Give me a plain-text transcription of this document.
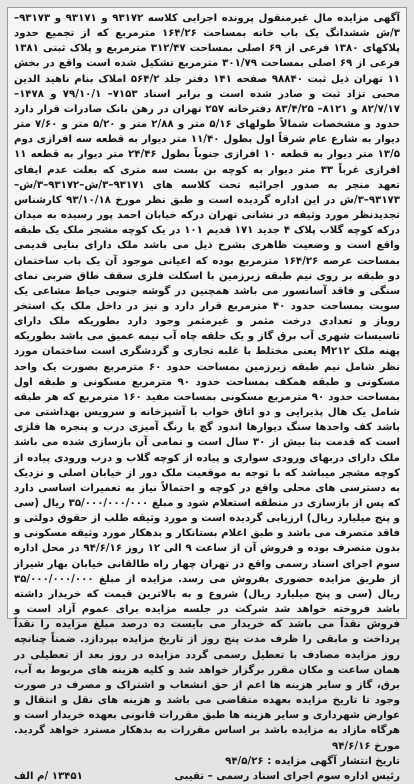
آگهی مزایده مال غیرمنقول پرونده اجرایی کلاسه ۹۳۱۷۲ و ۹۳۱۷۱ و ۹۳۱۷۳– ۳/ش ششدانگ یک باب خانه بمساحت ۱۶۴/۲۶ مترمربع که از تجمیع حدود پلاکهای ۱۳۸۰ فرعی از ۶۹ اصلی بمساحت ۳۱۲/۴۷ مترمربع و پلاک ثبتی ۱۳۸۱ فرعی از ۶۹ اصلی بمساحت ۳۰۱/۷۹ مترمربع تشکیل شده است واقع در بخش ۱۱ تهران ذیل ثبت ۹۸۸۴۰ صفحه ۱۴۱ دفتر جلد ۵۶۴/۲ املاک بنام ناهید الدین محبی تزاد ثبت و صادر شده است و برابر اسناد ۷۱۵۳– ۷۹/۱۰/۱ و ۱۴۷۸–۸۲/۷/۱۷ و ۸۱۲۱– ۸۳/۴/۲۵ دفترخانه ۲۵۷ تهران در رهن بانک صادرات قرار دارد حدود و مشخصات شمالاً طولهای ۵/۱۶ متر و ۲/۸۸ متر و ۵/۲۰ متر و ۷/۶۰ متر دیوار به شارع عام شرقاً اول بطول ۱۱/۴۰ متر دیوار به قطعه سه افرازی دوم ۱۳/۵ متر دیوار به قطعه ۱۰ افرازی جنوباً بطول ۲۴/۴۶ متر دیوار به قطعه ۱۱ افرازی غرباً ۳۳ متر دیوار به کوچه بن بست سه متری که بعلت عدم ایفای تعهد منجر به صدور اجرائیه تحت کلاسه های ۹۳۱۷۱–۳/ش–۹۳۱۷۲–۳/ش–۹۳۱۷۳–۳/ش در این اداره گردیده است و طبق نظر مورخ ۹۳/۱۰/۱۸ کارشناس تجدیدنظر مورد وثیقه در نشانی تهران درکه خیابان احمد پور رسیده به میدان درکه کوچه گلاب پلاک ۴ جدید ۱۷۱ قدیم ۱۰۱ در یک کوچه مشجر ملک یک طبقه واقع است و وضعیت ظاهری بشرح ذیل می باشد ملک دارای بنایی قدیمی بمساحت عرصه ۱۶۴/۲۶ مترمربع بوده که اعیانی موجود آن یک باب ساختمان دو طبقه بر روی نیم طبقه زیرزمین با اسکلت فلزی سقف طاق ضربی نمای سنگی و فاقد آسانسور می باشد همچنین در گوشه جنوبی حیاط مشاعی یک سویت بمساحت حدود ۴۰ مترمربع قرار دارد و نیز در داخل ملک یک استخر روباز و تعدادی درخت مثمر و غیرمثمر وجود دارد بطوریکه ملک دارای تاسیسات شهری آب برق گاز و یک حلقه چاه آب نیمه عمیق می باشد بطوریکه پهنه ملک M۲۱۲ یعنی مختلط با غلبه تجاری و گردشگری است ساختمان مورد نظر شامل نیم طبقه زیرزمین بمساحت حدود ۶۰ مترمربع بصورت یک واحد مسکونی و طبقه همکف بمساحت حدود ۹۰ مترمربع مسکونی و طبقه اول بمساحت حدود ۹۰ مترمربع مسکونی بمساحت مفید ۱۶۰ مترمربع که هر طبقه شامل یک هال پذیرایی و دو اتاق خواب با آشپزخانه و سرویس بهداشتی می باشد کف واحدها سنگ دیوارها اندود گچ با رنگ آمیزی درب و پنجره ها فلزی است که قدمت بنا بیش از ۳۰ سال است و تمامی آن بازسازی شده می باشد ملک دارای دربهای ورودی سواری و پیاده از کوچه گلاب و درب ورودی پیاده از کوچه مشجر میباشد که با توجه به موقعیت ملک دور از خیابان اصلی و نزدیک به دسترسی های محلی واقع در کوچه و احتمالاً نیاز به تعمیرات اساسی دارد که پس از بازسازی در منطقه استعلام شود و مبلغ ۳۵/۰۰۰/۰۰۰/۰۰۰ ریال (سی و پنج میلیارد ریال) ارزیابی گردیده است و مورد وثیقه طلب از حقوق دولتی و فاقد متصرف می باشد و طبق اعلام بستانکار و بدهکار مورد وثیقه مسکونی و بدون متصرف بوده و فروش آن از ساعت ۹ الی ۱۲ روز ۹۴/۶/۱۶ در محل اداره سوم اجرای اسناد رسمی واقع در تهران چهار راه طالقانی خیابان بهار شیراز از طریق مزایده حضوری بفروش می رسد. مزایده از مبلغ ۳۵/۰۰۰/۰۰۰/۰۰۰ ریال (سی و پنج میلیارد ریال) شروع و به بالاترین قیمت که خریدار داشته باشد فروخته خواهد شد شرکت در جلسه مزایده برای عموم آزاد است و فروش نقداً می باشد که خریدار می بایست ده درصد مبلغ مزایده را نقداً پرداخت و مابقی را ظرف مدت پنج روز از تاریخ مزایده بپردازد. ضمناً چنانچه روز مزایده مصادف با تعطیل رسمی گردد مزایده در روز بعد از تعطیلی در همان ساعت و مکان مقرر برگزار خواهد شد و کلیه هزینه های مربوط به آب، برق، گاز و سایر هزینه ها اعم از حق انشعاب و اشتراک و مصرف در صورت وجود تا تاریخ مزایده بعهده متقاضی می باشد و هزینه های نقل و انتقال و عوارض شهرداری و سایر هزینه ها طبق مقررات قانونی بعهده خریدار است و هرگاه مازاد به مزایده باشد بر اساس مقررات به بدهکار مسترد خواهد گردید. مورخ ۹۴/۶/۱۶

تاریخ انتشار آگهی مزایده : ۹۴/۵/۲۶
رئیس اداره سوم اجرای اسناد رسمی – تقیبی
۱۳۴۵۱ /م الف
